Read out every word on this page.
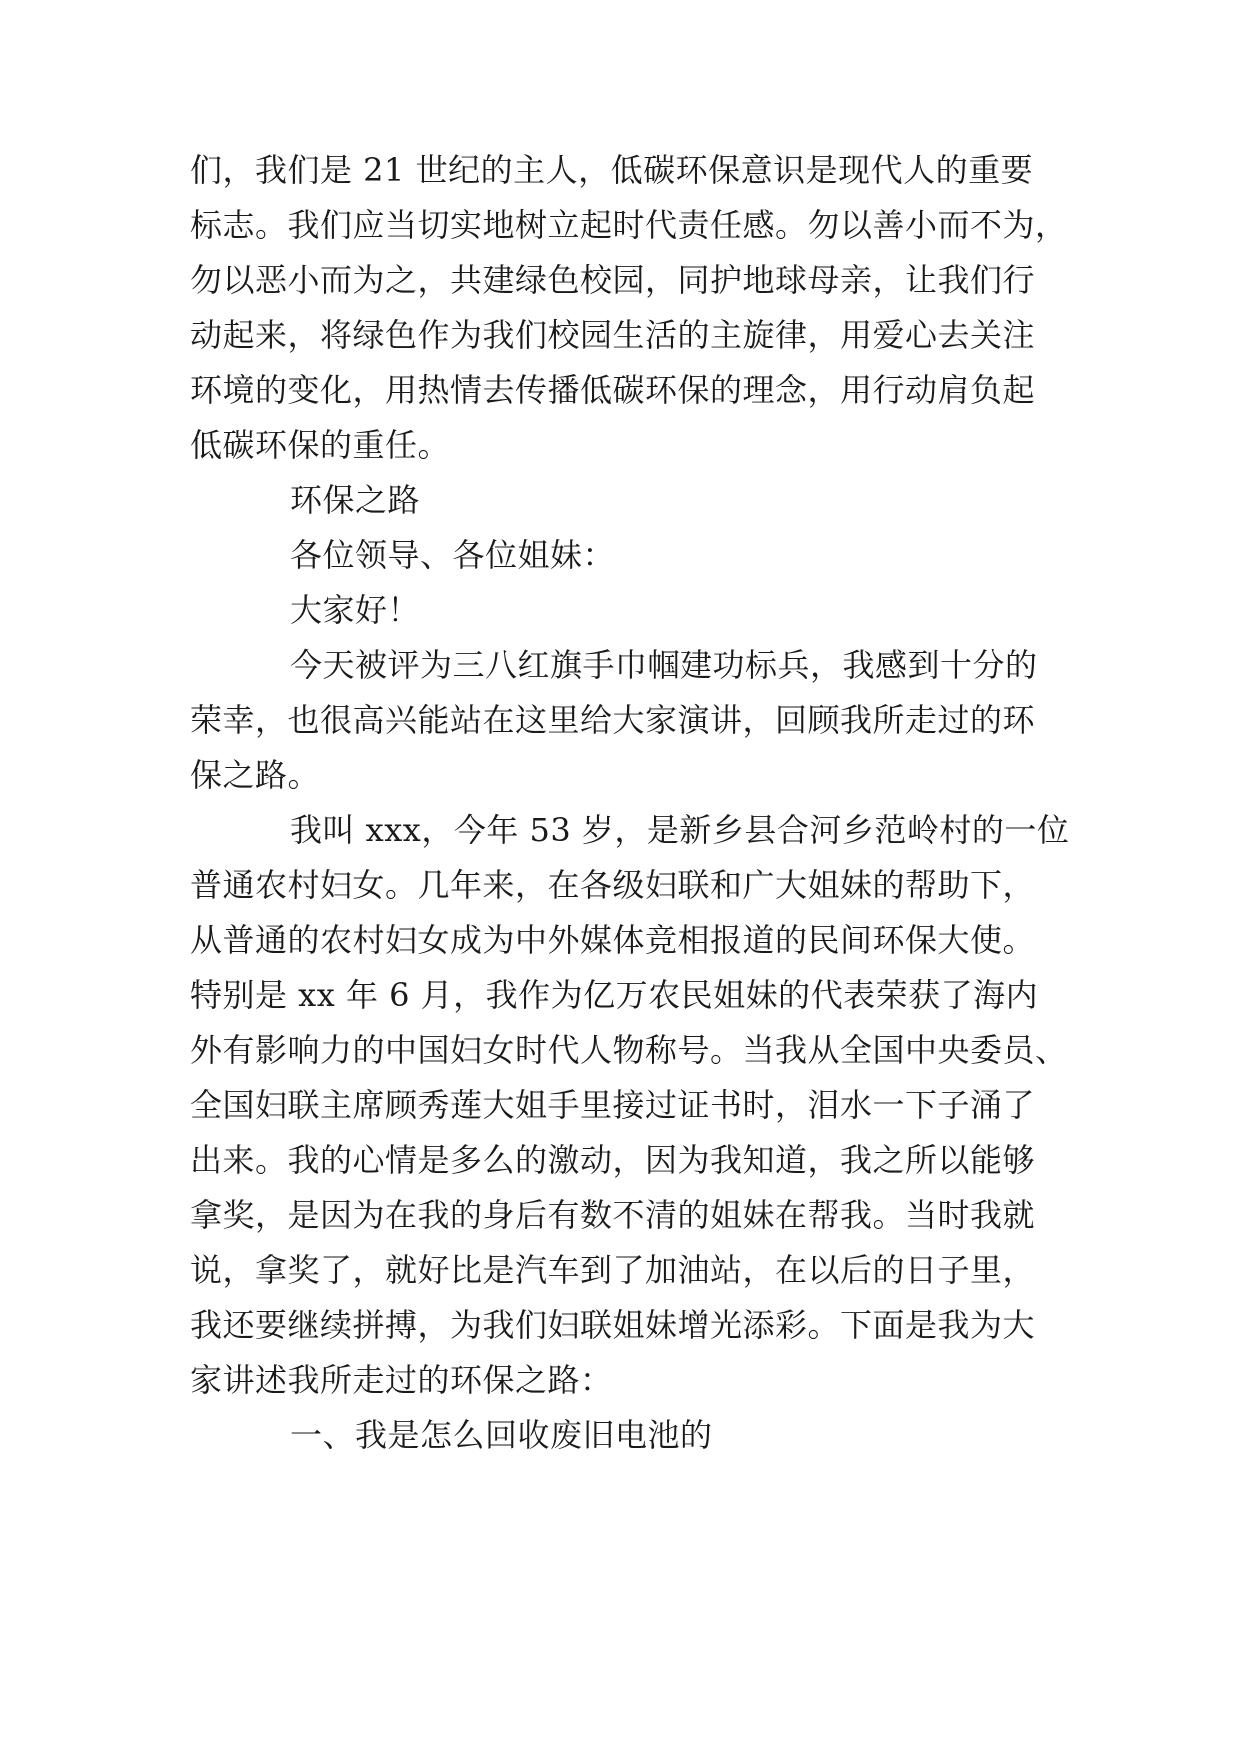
们，我们是 21 世纪的主人，低碳环保意识是现代人的重要
标志。我们应当切实地树立起时代责任感。勿以善小而不为，
勿以恶小而为之，共建绿色校园，同护地球母亲，让我们行
动起来，将绿色作为我们校园生活的主旋律，用爱心去关注
环境的变化，用热情去传播低碳环保的理念，用行动肩负起
低碳环保的重任。
环保之路
各位领导、各位姐妹：
大家好！
今天被评为三八红旗手巾帼建功标兵，我感到十分的
荣幸，也很高兴能站在这里给大家演讲，回顾我所走过的环
保之路。
我叫 xxx，今年 53 岁，是新乡县合河乡范岭村的一位
普通农村妇女。几年来，在各级妇联和广大姐妹的帮助下，
从普通的农村妇女成为中外媒体竞相报道的民间环保大使。
特别是 xx 年 6 月，我作为亿万农民姐妹的代表荣获了海内
外有影响力的中国妇女时代人物称号。当我从全国中央委员、
全国妇联主席顾秀莲大姐手里接过证书时，泪水一下子涌了
出来。我的心情是多么的激动，因为我知道，我之所以能够
拿奖，是因为在我的身后有数不清的姐妹在帮我。当时我就
说，拿奖了，就好比是汽车到了加油站，在以后的日子里，
我还要继续拼搏，为我们妇联姐妹增光添彩。下面是我为大
家讲述我所走过的环保之路：
一、我是怎么回收废旧电池的
